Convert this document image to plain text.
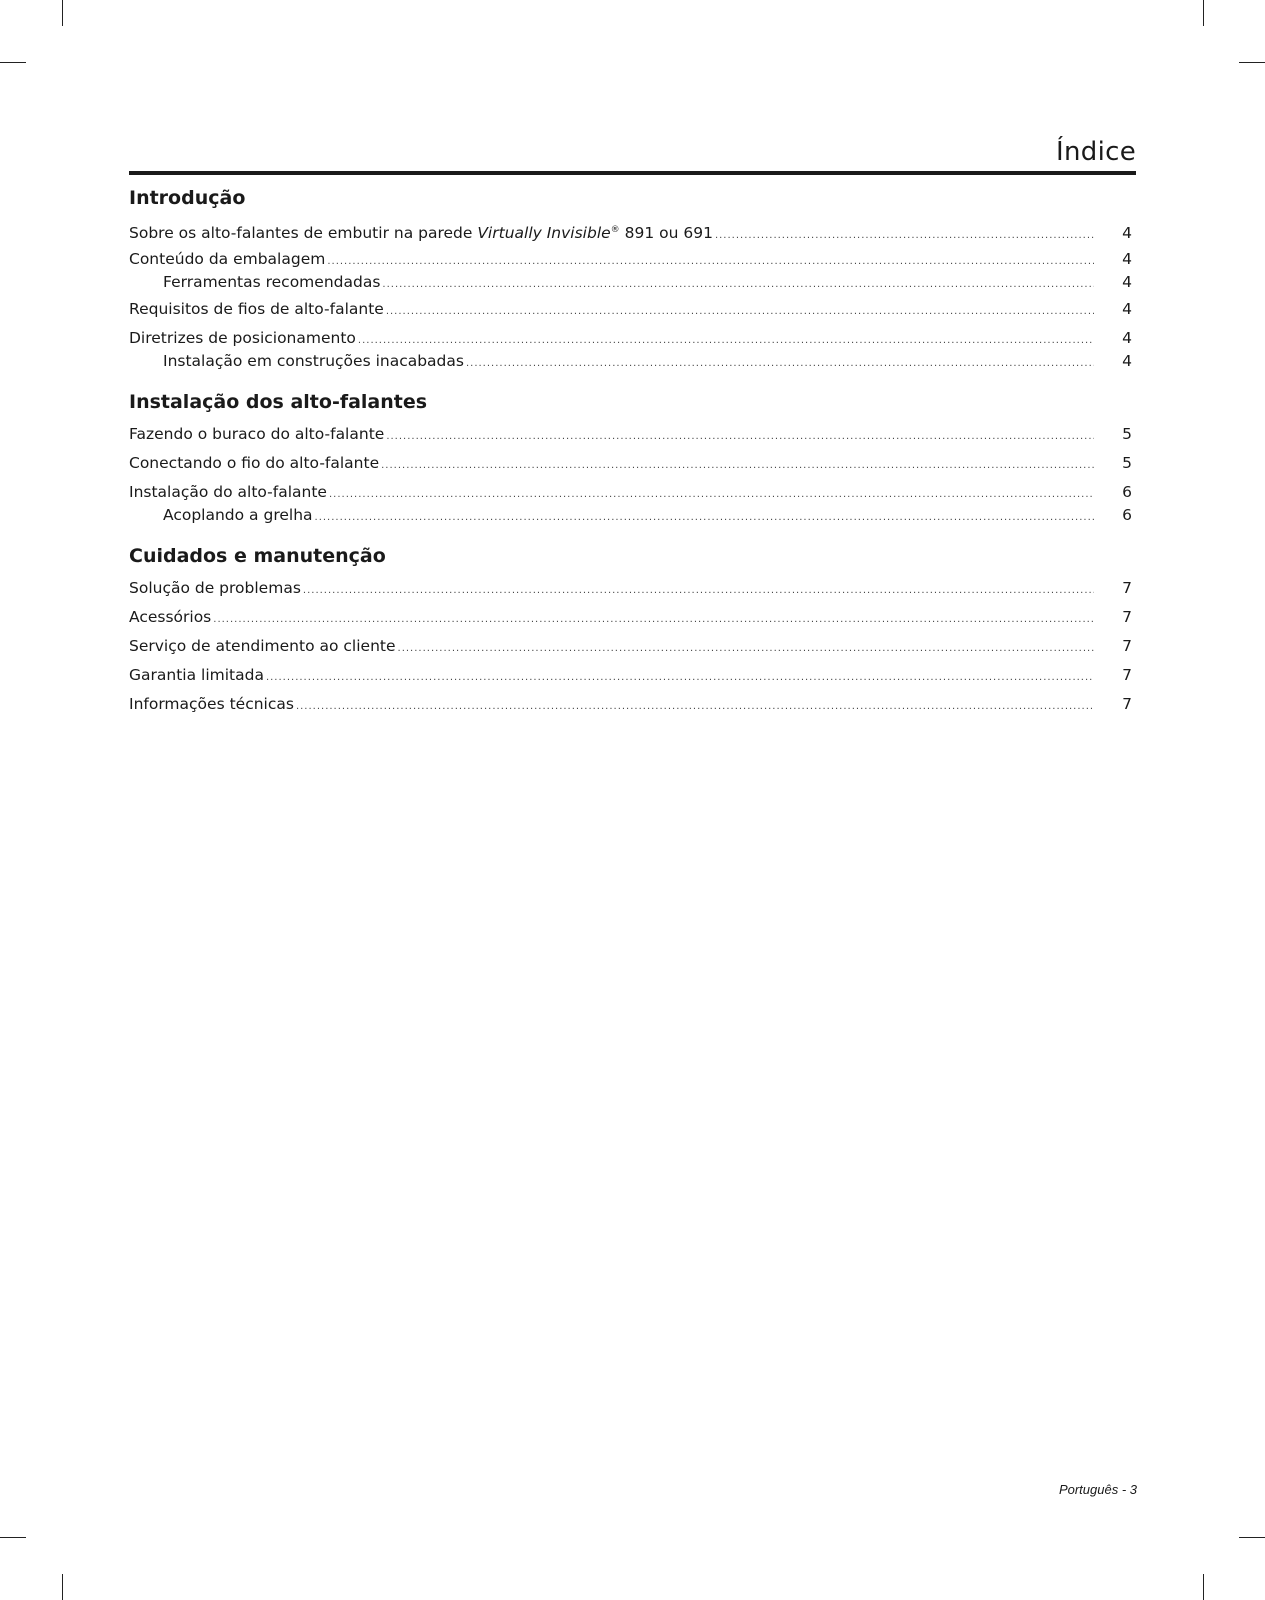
Índice
Introdução
Sobre os alto-falantes de embutir na parede Virtually Invisible® 891 ou 691 .....	4
Conteúdo da embalagem .....	4
Ferramentas recomendadas .....	4
Requisitos de fios de alto-falante .....	4
Diretrizes de posicionamento .....	4
Instalação em construções inacabadas .....	4
Instalação dos alto-falantes
Fazendo o buraco do alto-falante .....	5
Conectando o fio do alto-falante .....	5
Instalação do alto-falante .....	6
Acoplando a grelha .....	6
Cuidados e manutenção
Solução de problemas .....	7
Acessórios .....	7
Serviço de atendimento ao cliente .....	7
Garantia limitada .....	7
Informações técnicas .....	7
Português - 3
